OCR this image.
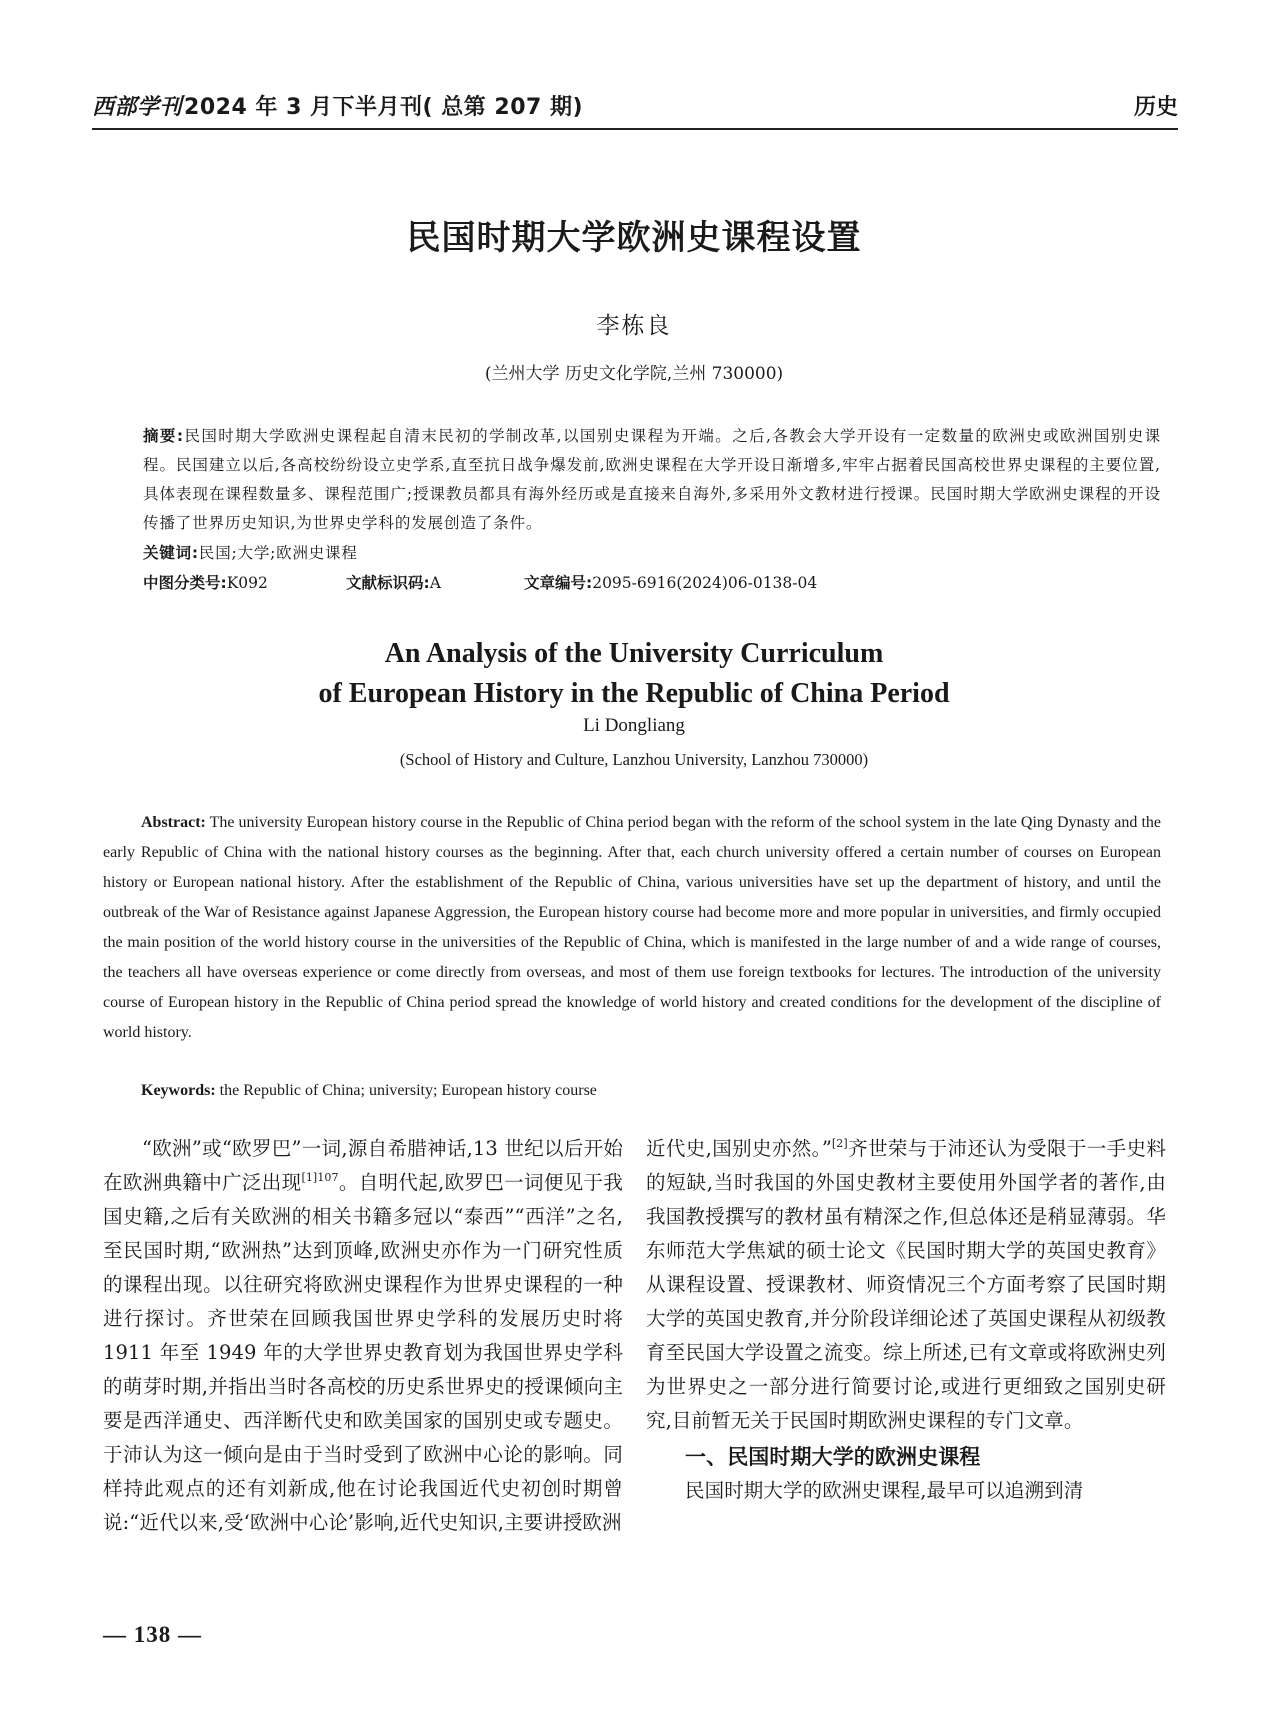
西部学刊2024 年 3 月下半月刊( 总第 207 期)	历史
民国时期大学欧洲史课程设置
李栋良
(兰州大学 历史文化学院,兰州 730000)
摘要:民国时期大学欧洲史课程起自清末民初的学制改革,以国别史课程为开端。之后,各教会大学开设有一定数量的欧洲史或欧洲国别史课程。民国建立以后,各高校纷纷设立史学系,直至抗日战争爆发前,欧洲史课程在大学开设日渐增多,牢牢占据着民国高校世界史课程的主要位置,具体表现在课程数量多、课程范围广;授课教员都具有海外经历或是直接来自海外,多采用外文教材进行授课。民国时期大学欧洲史课程的开设传播了世界历史知识,为世界史学科的发展创造了条件。
关键词:民国;大学;欧洲史课程
中图分类号:K092	文献标识码:A	文章编号:2095-6916(2024)06-0138-04
An Analysis of the University Curriculum
of European History in the Republic of China Period
Li Dongliang
(School of History and Culture, Lanzhou University, Lanzhou 730000)
Abstract: The university European history course in the Republic of China period began with the reform of the school system in the late Qing Dynasty and the early Republic of China with the national history courses as the beginning. After that, each church university offered a certain number of courses on European history or European national history. After the establishment of the Republic of China, various universities have set up the department of history, and until the outbreak of the War of Resistance against Japanese Aggression, the European history course had become more and more popular in universities, and firmly occupied the main position of the world history course in the universities of the Republic of China, which is manifested in the large number of and a wide range of courses, the teachers all have overseas experience or come directly from overseas, and most of them use foreign textbooks for lectures. The introduction of the university course of European history in the Republic of China period spread the knowledge of world history and created conditions for the development of the discipline of world history.
Keywords: the Republic of China; university; European history course
“欧洲”或“欧罗巴”一词,源自希腊神话,13 世纪以后开始在欧洲典籍中广泛出现$^{[1]107}$。自明代起,欧罗巴一词便见于我国史籍,之后有关欧洲的相关书籍多冠以“泰西”“西洋”之名,至民国时期,“欧洲热”达到顶峰,欧洲史亦作为一门研究性质的课程出现。以往研究将欧洲史课程作为世界史课程的一种进行探讨。齐世荣在回顾我国世界史学科的发展历史时将 1911 年至 1949 年的大学世界史教育划为我国世界史学科的萌芽时期,并指出当时各高校的历史系世界史的授课倾向主要是西洋通史、西洋断代史和欧美国家的国别史或专题史。于沛认为这一倾向是由于当时受到了欧洲中心论的影响。同样持此观点的还有刘新成,他在讨论我国近代史初创时期曾说:“近代以来,受‘欧洲中心论’影响,近代史知识,主要讲授欧洲
近代史,国别史亦然。”[2]齐世荣与于沛还认为受限于一手史料的短缺,当时我国的外国史教材主要使用外国学者的著作,由我国教授撰写的教材虽有精深之作,但总体还是稍显薄弱。华东师范大学焦斌的硕士论文《民国时期大学的英国史教育》从课程设置、授课教材、师资情况三个方面考察了民国时期大学的英国史教育,并分阶段详细论述了英国史课程从初级教育至民国大学设置之流变。综上所述,已有文章或将欧洲史列为世界史之一部分进行简要讨论,或进行更细致之国别史研究,目前暂无关于民国时期欧洲史课程的专门文章。
一、民国时期大学的欧洲史课程
民国时期大学的欧洲史课程,最早可以追溯到清
— 138 —
